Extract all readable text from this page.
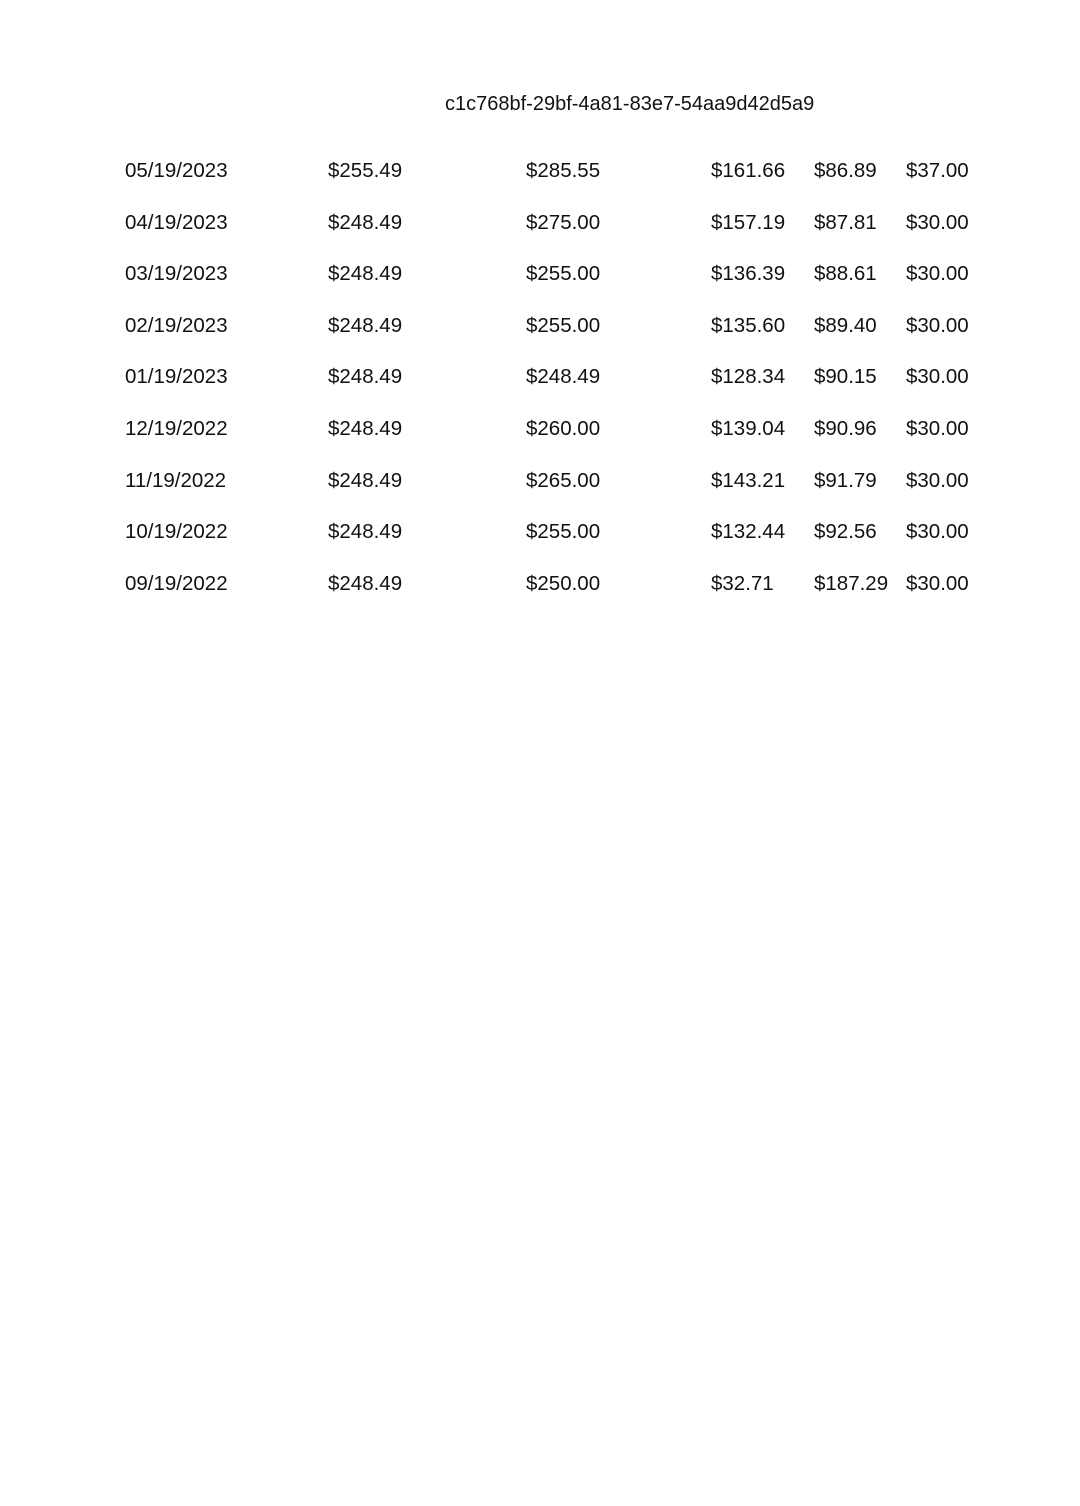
c1c768bf-29bf-4a81-83e7-54aa9d42d5a9
05/19/2023	$255.49	$285.55	$161.66 $86.89 $37.00
04/19/2023	$248.49	$275.00	$157.19 $87.81 $30.00
03/19/2023	$248.49	$255.00	$136.39 $88.61 $30.00
02/19/2023	$248.49	$255.00	$135.60 $89.40 $30.00
01/19/2023	$248.49	$248.49	$128.34 $90.15 $30.00
12/19/2022	$248.49	$260.00	$139.04 $90.96 $30.00
11/19/2022	$248.49	$265.00	$143.21 $91.79 $30.00
10/19/2022	$248.49	$255.00	$132.44 $92.56 $30.00
09/19/2022	$248.49	$250.00	$32.71 $187.29 $30.00
